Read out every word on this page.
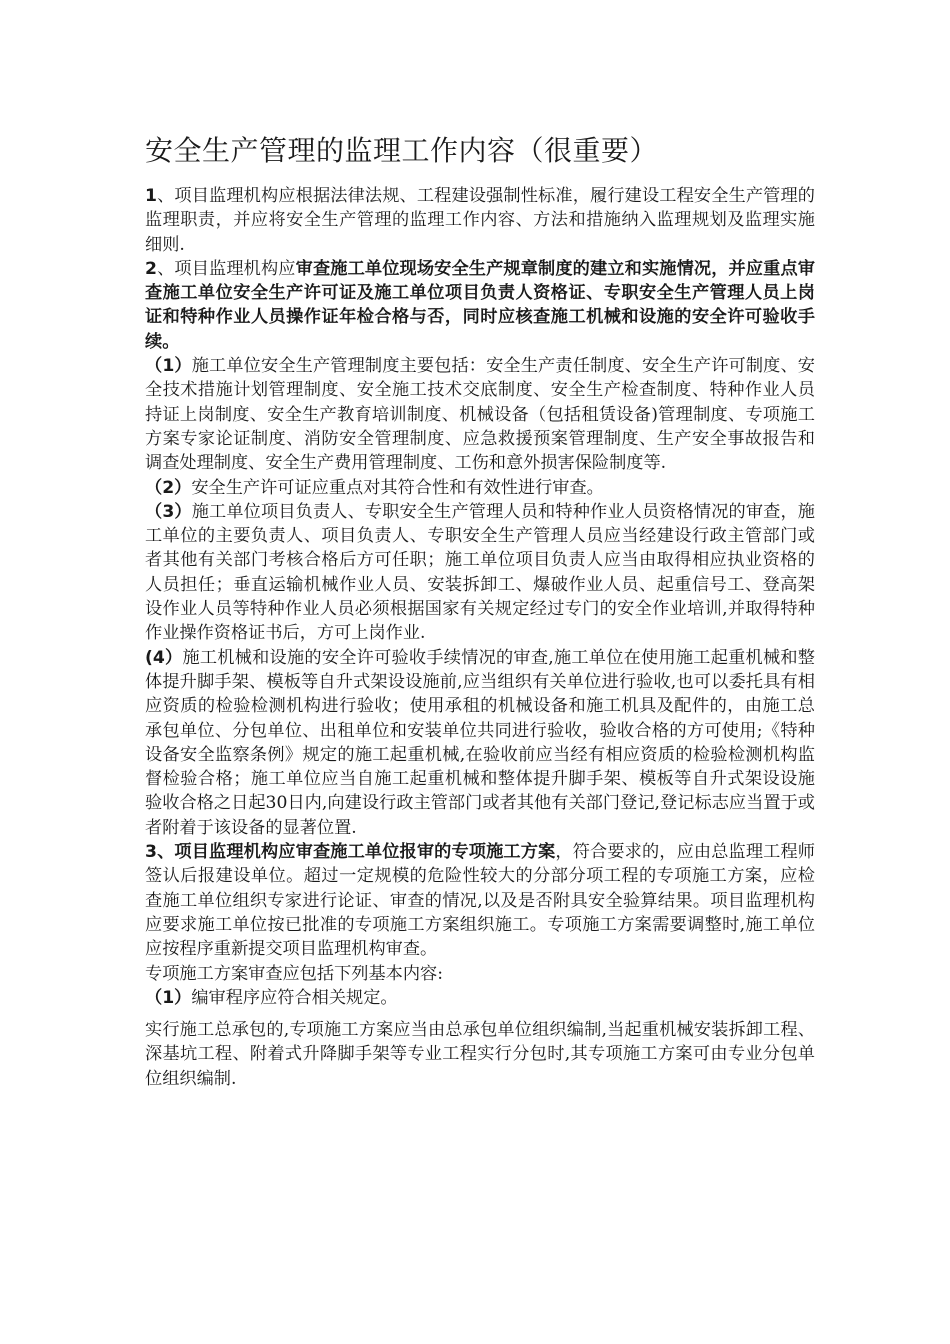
安全生产管理的监理工作内容（很重要）

1、项目监理机构应根据法律法规、工程建设强制性标准，履行建设工程安全生产管理的监理职责，并应将安全生产管理的监理工作内容、方法和措施纳入监理规划及监理实施细则.

2、项目监理机构应审查施工单位现场安全生产规章制度的建立和实施情况，并应重点审查施工单位安全生产许可证及施工单位项目负责人资格证、专职安全生产管理人员上岗证和特种作业人员操作证年检合格与否，同时应核查施工机械和设施的安全许可验收手续。

（1）施工单位安全生产管理制度主要包括：安全生产责任制度、安全生产许可制度、安全技术措施计划管理制度、安全施工技术交底制度、安全生产检查制度、特种作业人员持证上岗制度、安全生产教育培训制度、机械设备（包括租赁设备)管理制度、专项施工方案专家论证制度、消防安全管理制度、应急救援预案管理制度、生产安全事故报告和调查处理制度、安全生产费用管理制度、工伤和意外损害保险制度等.

（2）安全生产许可证应重点对其符合性和有效性进行审查。

（3）施工单位项目负责人、专职安全生产管理人员和特种作业人员资格情况的审查，施工单位的主要负责人、项目负责人、专职安全生产管理人员应当经建设行政主管部门或者其他有关部门考核合格后方可任职；施工单位项目负责人应当由取得相应执业资格的人员担任；垂直运输机械作业人员、安装拆卸工、爆破作业人员、起重信号工、登高架设作业人员等特种作业人员必须根据国家有关规定经过专门的安全作业培训,并取得特种作业操作资格证书后，方可上岗作业.

(4）施工机械和设施的安全许可验收手续情况的审查,施工单位在使用施工起重机械和整体提升脚手架、模板等自升式架设设施前,应当组织有关单位进行验收,也可以委托具有相应资质的检验检测机构进行验收；使用承租的机械设备和施工机具及配件的，由施工总承包单位、分包单位、出租单位和安装单位共同进行验收，验收合格的方可使用;《特种设备安全监察条例》规定的施工起重机械,在验收前应当经有相应资质的检验检测机构监督检验合格；施工单位应当自施工起重机械和整体提升脚手架、模板等自升式架设设施验收合格之日起30日内,向建设行政主管部门或者其他有关部门登记,登记标志应当置于或者附着于该设备的显著位置.

3、项目监理机构应审查施工单位报审的专项施工方案，符合要求的，应由总监理工程师签认后报建设单位。超过一定规模的危险性较大的分部分项工程的专项施工方案，应检查施工单位组织专家进行论证、审查的情况,以及是否附具安全验算结果。项目监理机构应要求施工单位按已批准的专项施工方案组织施工。专项施工方案需要调整时,施工单位应按程序重新提交项目监理机构审查。

专项施工方案审查应包括下列基本内容:

（1）编审程序应符合相关规定。

实行施工总承包的,专项施工方案应当由总承包单位组织编制,当起重机械安装拆卸工程、深基坑工程、附着式升降脚手架等专业工程实行分包时,其专项施工方案可由专业分包单位组织编制.
